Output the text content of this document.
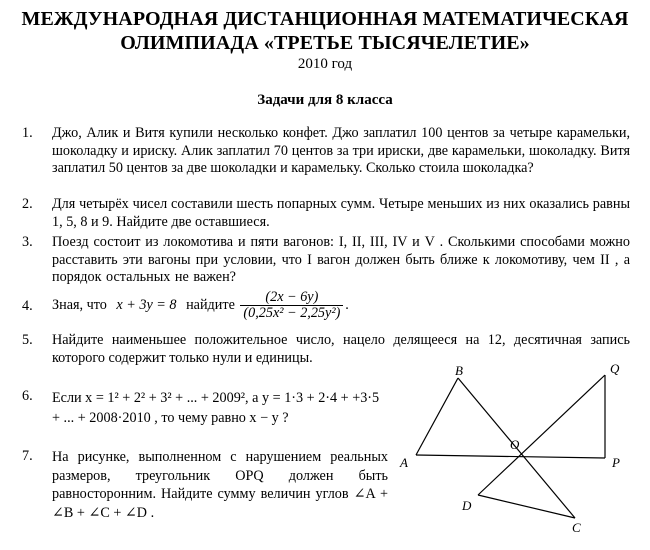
МЕЖДУНАРОДНАЯ ДИСТАНЦИОННАЯ МАТЕМАТИЧЕСКАЯ
ОЛИМПИАДА «ТРЕТЬЕ ТЫСЯЧЕЛЕТИЕ»
2010 год
Задачи для 8 класса
1. Джо, Алик и Витя купили несколько конфет. Джо заплатил 100 центов за четыре карамельки, шоколадку и ириску. Алик заплатил 70 центов за три ириски, две карамельки, шоколадку. Витя заплатил 50 центов за две шоколадки и карамельку. Сколько стоила шоколадка?
2. Для четырёх чисел составили шесть попарных сумм. Четыре меньших из них оказались равны 1, 5, 8 и 9. Найдите две оставшиеся.
3. Поезд состоит из локомотива и пяти вагонов: I, II, III, IV и V . Сколькими способами можно расставить эти вагоны при условии, что I вагон должен быть ближе к локомотиву, чем II , а порядок остальных не важен?
4. Зная, что x + 3y = 8 найдите $\frac{(2x - 6y)}{\text{(0,25x² − 2,25y²)}}$ .
5. Найдите наименьшее положительное число, нацело делящееся на 12, десятичная запись которого содержит только нули и единицы.
6. Если x = 1² + 2² + 3² + ... + 2009², а y = 1·3 + 2·4 + +3·5 + ... + 2008·2010 , то чему равно x − y ?
7. На рисунке, выполненном с нарушением реальных размеров, треугольник OPQ должен быть равносторонним. Найдите сумму величин углов ∠A + ∠B + ∠C + ∠D .
B	Q
A
O
P
D
C
